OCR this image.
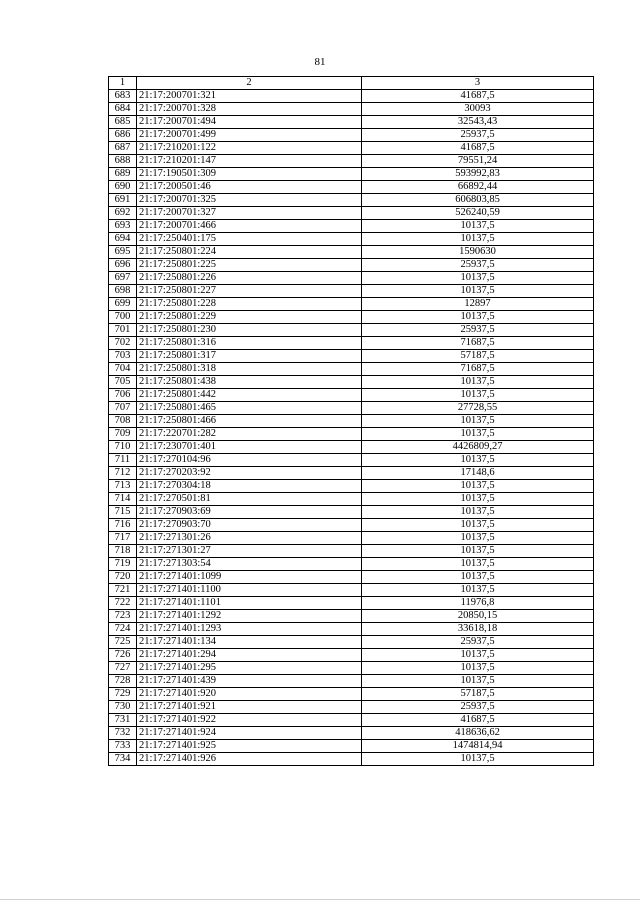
81
1	2	3
683	21:17:200701:321	41687,5
684	21:17:200701:328	30093
685	21:17:200701:494	32543,43
686	21:17:200701:499	25937,5
687	21:17:210201:122	41687,5
688	21:17:210201:147	79551,24
689	21:17:190501:309	593992,83
690	21:17:200501:46	66892,44
691	21:17:200701:325	606803,85
692	21:17:200701:327	526240,59
693	21:17:200701:466	10137,5
694	21:17:250401:175	10137,5
695	21:17:250801:224	1590630
696	21:17:250801:225	25937,5
697	21:17:250801:226	10137,5
698	21:17:250801:227	10137,5
699	21:17:250801:228	12897
700	21:17:250801:229	10137,5
701	21:17:250801:230	25937,5
702	21:17:250801:316	71687,5
703	21:17:250801:317	57187,5
704	21:17:250801:318	71687,5
705	21:17:250801:438	10137,5
706	21:17:250801:442	10137,5
707	21:17:250801:465	27728,55
708	21:17:250801:466	10137,5
709	21:17:220701:282	10137,5
710	21:17:230701:401	4426809,27
711	21:17:270104:96	10137,5
712	21:17:270203:92	17148,6
713	21:17:270304:18	10137,5
714	21:17:270501:81	10137,5
715	21:17:270903:69	10137,5
716	21:17:270903:70	10137,5
717	21:17:271301:26	10137,5
718	21:17:271301:27	10137,5
719	21:17:271303:54	10137,5
720	21:17:271401:1099	10137,5
721	21:17:271401:1100	10137,5
722	21:17:271401:1101	11976,8
723	21:17:271401:1292	20850,15
724	21:17:271401:1293	33618,18
725	21:17:271401:134	25937,5
726	21:17:271401:294	10137,5
727	21:17:271401:295	10137,5
728	21:17:271401:439	10137,5
729	21:17:271401:920	57187,5
730	21:17:271401:921	25937,5
731	21:17:271401:922	41687,5
732	21:17:271401:924	418636,62
733	21:17:271401:925	1474814,94
734	21:17:271401:926	10137,5
